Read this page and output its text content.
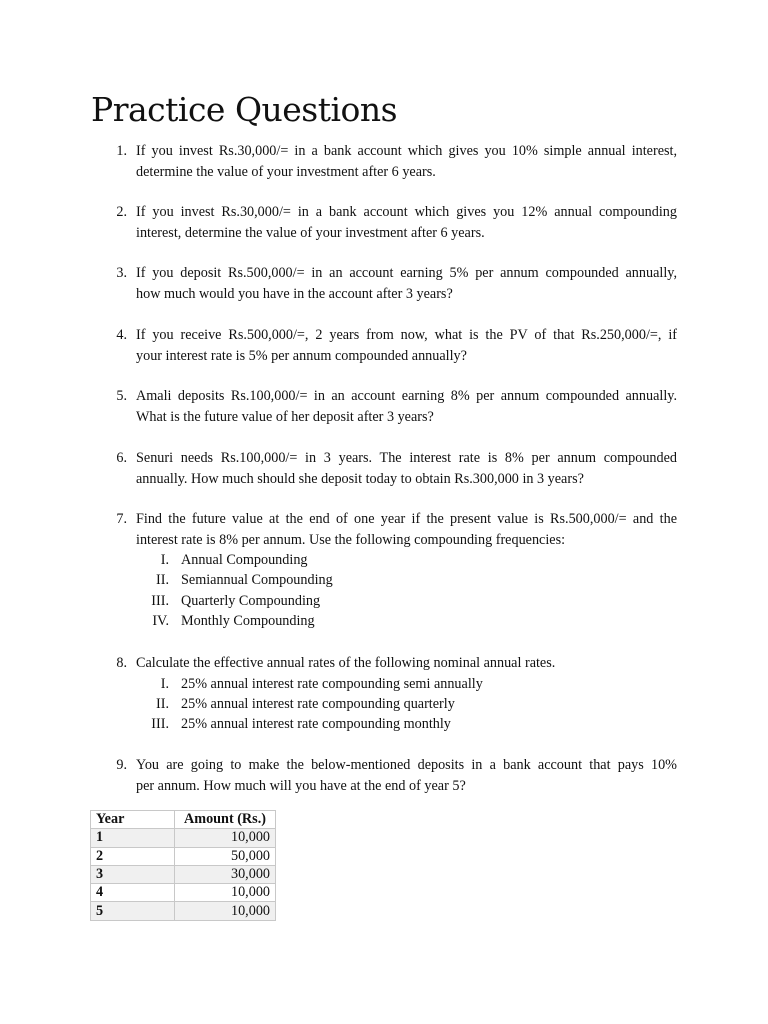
Practice Questions
1. If you invest Rs.30,000/= in a bank account which gives you 10% simple annual interest,
determine the value of your investment after 6 years.
2. If you invest Rs.30,000/= in a bank account which gives you 12% annual compounding
interest, determine the value of your investment after 6 years.
3. If you deposit Rs.500,000/= in an account earning 5% per annum compounded annually,
how much would you have in the account after 3 years?
4. If you receive Rs.500,000/=, 2 years from now, what is the PV of that Rs.250,000/=, if
your interest rate is 5% per annum compounded annually?
5. Amali deposits Rs.100,000/= in an account earning 8% per annum compounded annually.
What is the future value of her deposit after 3 years?
6. Senuri needs Rs.100,000/= in 3 years. The interest rate is 8% per annum compounded
annually. How much should she deposit today to obtain Rs.300,000 in 3 years?
7. Find the future value at the end of one year if the present value is Rs.500,000/= and the
interest rate is 8% per annum. Use the following compounding frequencies:
I. Annual Compounding
II. Semiannual Compounding
III. Quarterly Compounding
IV. Monthly Compounding
8. Calculate the effective annual rates of the following nominal annual rates.
I. 25% annual interest rate compounding semi annually
II. 25% annual interest rate compounding quarterly
III. 25% annual interest rate compounding monthly
9. You are going to make the below-mentioned deposits in a bank account that pays 10%
per annum. How much will you have at the end of year 5?
Year	Amount (Rs.)
1	10,000
2	50,000
3	30,000
4	10,000
5	10,000
